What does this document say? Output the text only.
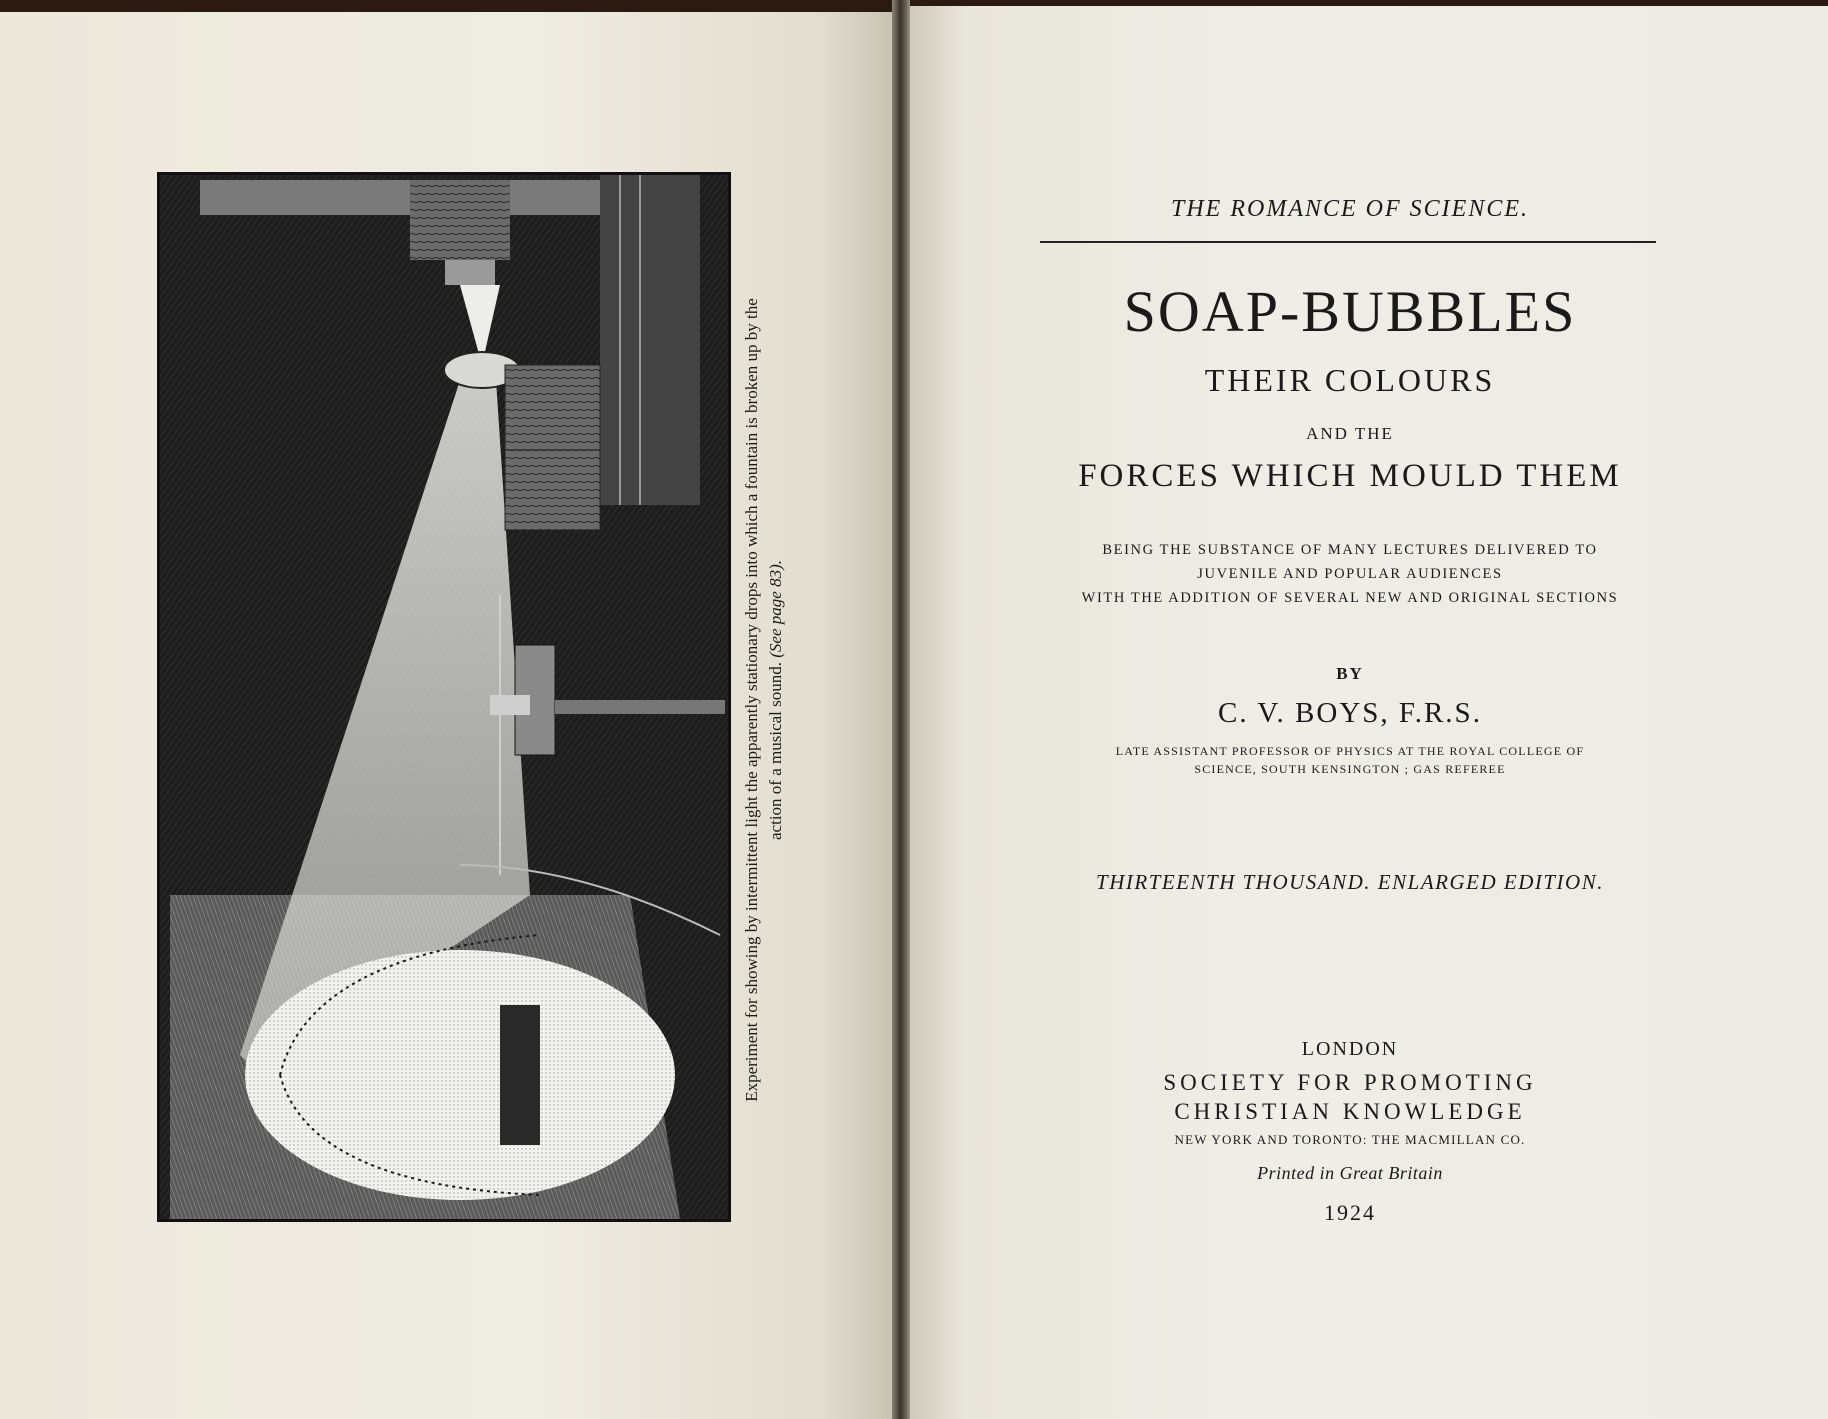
Experiment for showing by intermittent light the apparently stationary drops into which a fountain is broken up by the action of a musical sound. (See page 83).
THE ROMANCE OF SCIENCE.
SOAP-BUBBLES
THEIR COLOURS
AND THE
FORCES WHICH MOULD THEM
BEING THE SUBSTANCE OF MANY LECTURES DELIVERED TO
JUVENILE AND POPULAR AUDIENCES
WITH THE ADDITION OF SEVERAL NEW AND ORIGINAL SECTIONS
BY
C. V. BOYS, F.R.S.
LATE ASSISTANT PROFESSOR OF PHYSICS AT THE ROYAL COLLEGE OF
SCIENCE, SOUTH KENSINGTON ; GAS REFEREE
THIRTEENTH THOUSAND. ENLARGED EDITION.
LONDON
SOCIETY FOR PROMOTING
CHRISTIAN KNOWLEDGE
NEW YORK AND TORONTO: THE MACMILLAN CO.
Printed in Great Britain
1924
